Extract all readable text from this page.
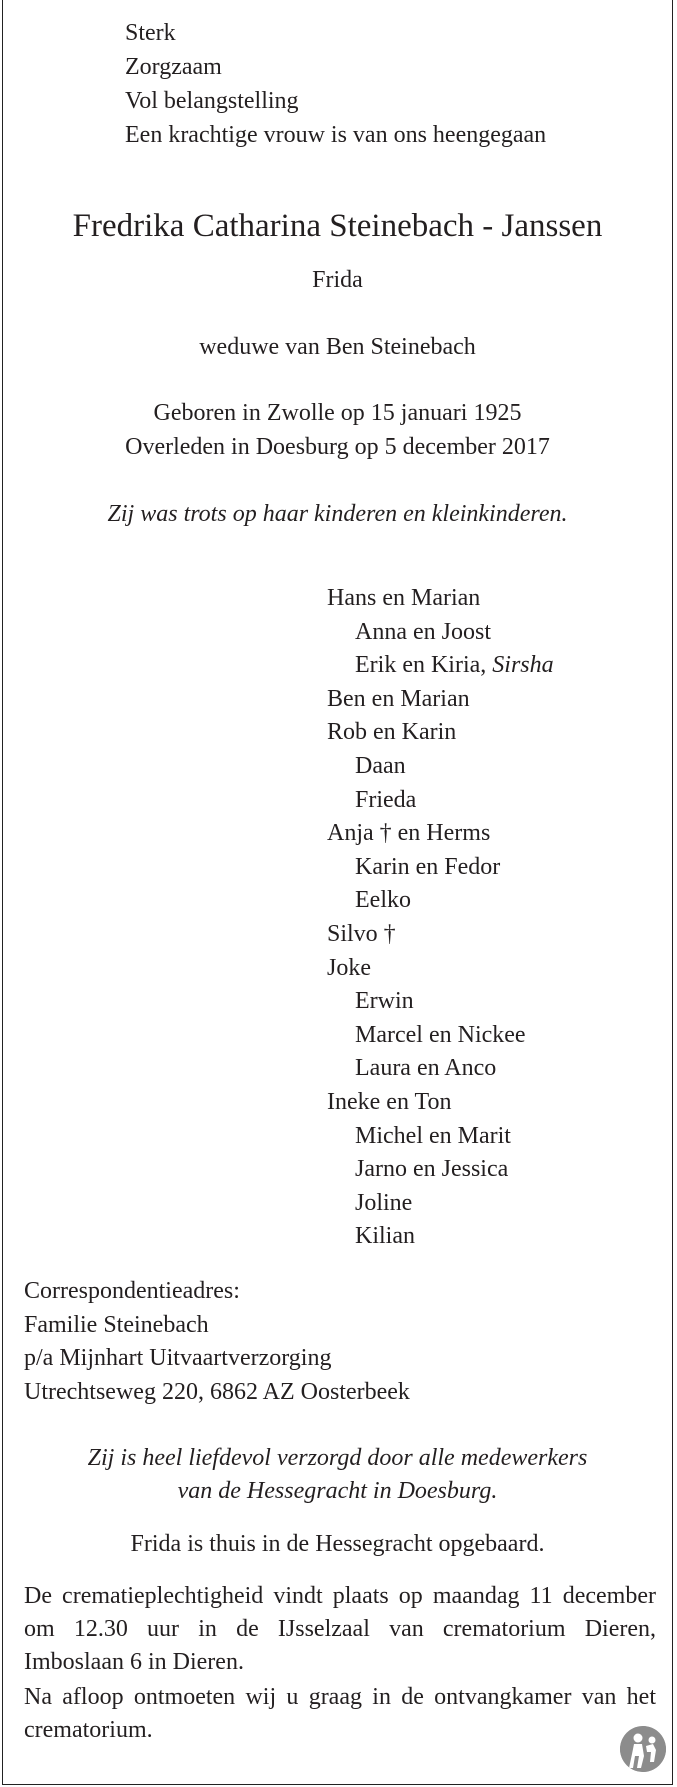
Sterk
Zorgzaam
Vol belangstelling
Een krachtige vrouw is van ons heengegaan
Fredrika Catharina Steinebach - Janssen
Frida
weduwe van Ben Steinebach
Geboren in Zwolle op 15 januari 1925
Overleden in Doesburg op 5 december 2017
Zij was trots op haar kinderen en kleinkinderen.
Hans en Marian
Anna en Joost
Erik en Kiria, Sirsha
Ben en Marian
Rob en Karin
Daan
Frieda
Anja † en Herms
Karin en Fedor
Eelko
Silvo †
Joke
Erwin
Marcel en Nickee
Laura en Anco
Ineke en Ton
Michel en Marit
Jarno en Jessica
Joline
Kilian
Correspondentieadres:
Familie Steinebach
p/a Mijnhart Uitvaartverzorging
Utrechtseweg 220, 6862 AZ Oosterbeek
Zij is heel liefdevol verzorgd door alle medewerkers
van de Hessegracht in Doesburg.
Frida is thuis in de Hessegracht opgebaard.
De crematieplechtigheid vindt plaats op maandag 11 december om 12.30 uur in de IJsselzaal van crematorium Dieren, Imboslaan 6 in Dieren.
Na afloop ontmoeten wij u graag in de ontvangkamer van het crematorium.
